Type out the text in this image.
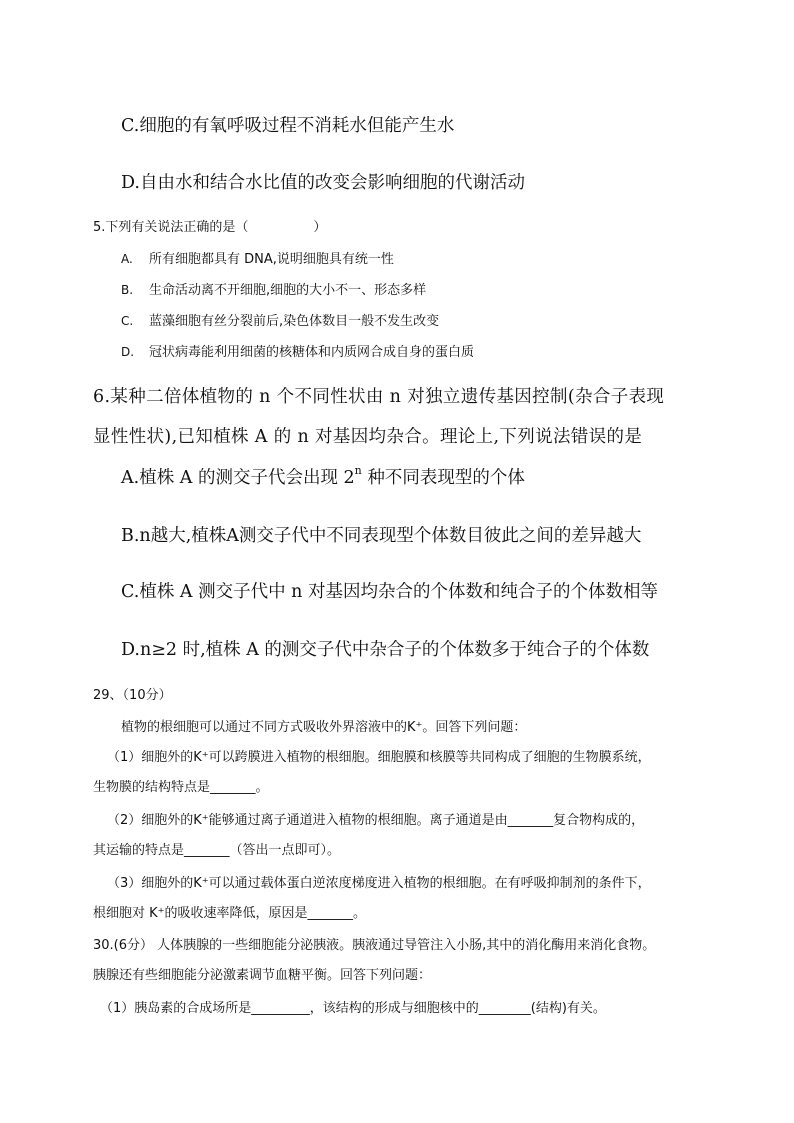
C.细胞的有氧呼吸过程不消耗水但能产生水
D.自由水和结合水比值的改变会影响细胞的代谢活动
5.下列有关说法正确的是（　　　　　）
A. 所有细胞都具有 DNA,说明细胞具有统一性
B. 生命活动离不开细胞,细胞的大小不一、形态多样
C. 蓝藻细胞有丝分裂前后,染色体数目一般不发生改变
D. 冠状病毒能利用细菌的核糖体和内质网合成自身的蛋白质
6.某种二倍体植物的 n 个不同性状由 n 对独立遗传基因控制(杂合子表现
显性性状),已知植株 A 的 n 对基因均杂合。理论上,下列说法错误的是
A.植株 A 的测交子代会出现 2$^n$ 种不同表现型的个体
B.n越大,植株A测交子代中不同表现型个体数目彼此之间的差异越大
C.植株 A 测交子代中 n 对基因均杂合的个体数和纯合子的个体数相等
D.n≥2 时,植株 A 的测交子代中杂合子的个体数多于纯合子的个体数
29、（10分）
植物的根细胞可以通过不同方式吸收外界溶液中的K⁺。回答下列问题：
（1）细胞外的K⁺可以跨膜进入植物的根细胞。细胞膜和核膜等共同构成了细胞的生物膜系统，
生物膜的结构特点是_______。
（2）细胞外的K⁺能够通过离子通道进入植物的根细胞。离子通道是由_______复合物构成的，
其运输的特点是_______（答出一点即可）。
（3）细胞外的K⁺可以通过载体蛋白逆浓度梯度进入植物的根细胞。在有呼吸抑制剂的条件下，
根细胞对 K⁺的吸收速率降低，原因是_______。
30.(6分） 人体胰腺的一些细胞能分泌胰液。胰液通过导管注入小肠,其中的消化酶用来消化食物。
胰腺还有些细胞能分泌激素调节血糖平衡。回答下列问题：
（1）胰岛素的合成场所是_________，该结构的形成与细胞核中的________(结构)有关。
